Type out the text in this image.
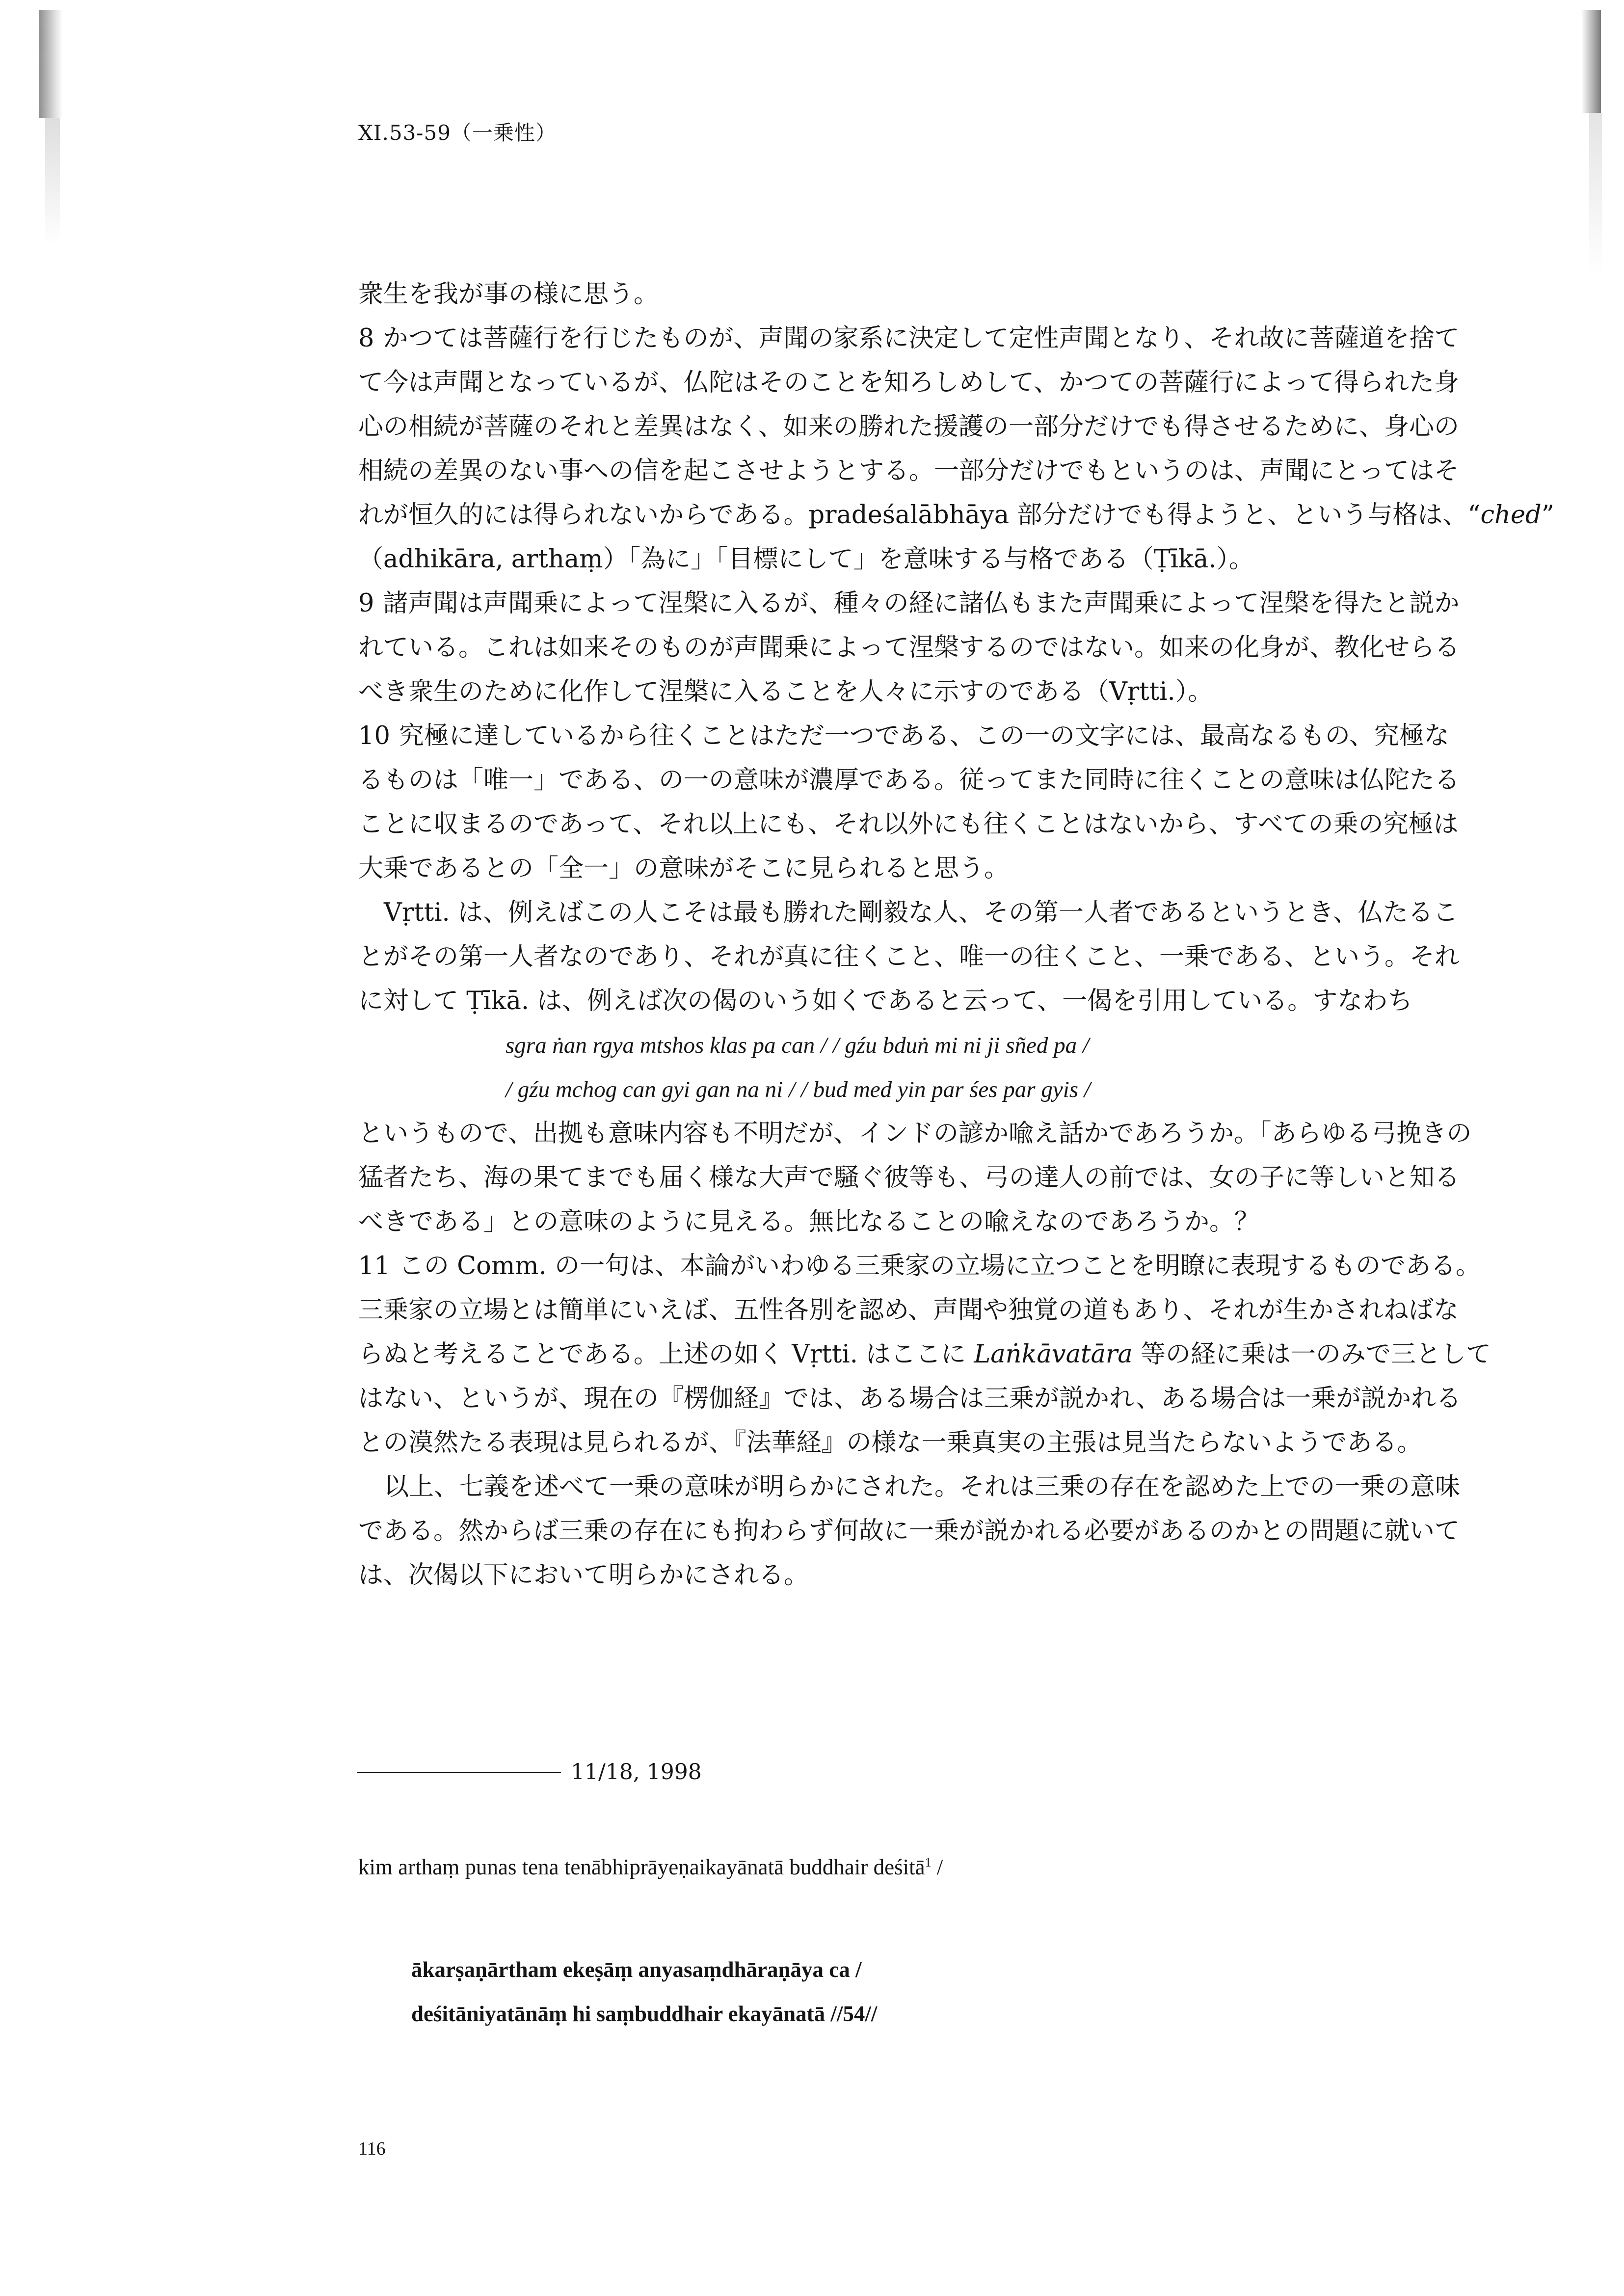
XI.53-59（一乗性）

衆生を我が事の様に思う。

8 かつては菩薩行を行じたものが、声聞の家系に決定して定性声聞となり、それ故に菩薩道を捨て

て今は声聞となっているが、仏陀はそのことを知ろしめして、かつての菩薩行によって得られた身

心の相続が菩薩のそれと差異はなく、如来の勝れた援護の一部分だけでも得させるために、身心の

相続の差異のない事への信を起こさせようとする。一部分だけでもというのは、声聞にとってはそ

れが恒久的には得られないからである。pradeśalābhāya 部分だけでも得ようと、という与格は、“ched”

（adhikāra, arthaṃ）「為に」「目標にして」を意味する与格である（Ṭīkā.）。

9 諸声聞は声聞乗によって涅槃に入るが、種々の経に諸仏もまた声聞乗によって涅槃を得たと説か

れている。これは如来そのものが声聞乗によって涅槃するのではない。如来の化身が、教化せらる

べき衆生のために化作して涅槃に入ることを人々に示すのである（Vṛtti.）。

10 究極に達しているから往くことはただ一つである、この一の文字には、最高なるもの、究極な

るものは「唯一」である、の一の意味が濃厚である。従ってまた同時に往くことの意味は仏陀たる

ことに収まるのであって、それ以上にも、それ以外にも往くことはないから、すべての乗の究極は

大乗であるとの「全一」の意味がそこに見られると思う。

Vṛtti. は、例えばこの人こそは最も勝れた剛毅な人、その第一人者であるというとき、仏たるこ

とがその第一人者なのであり、それが真に往くこと、唯一の往くこと、一乗である、という。それ

に対して Ṭīkā. は、例えば次の偈のいう如くであると云って、一偈を引用している。すなわち

sgra ṅan rgya mtshos klas pa can / / gźu bduṅ mi ni ji sñed pa /

/ gźu mchog can gyi gan na ni / / bud med yin par śes par gyis /

というもので、出拠も意味内容も不明だが、インドの諺か喩え話かであろうか。「あらゆる弓挽きの

猛者たち、海の果てまでも届く様な大声で騒ぐ彼等も、弓の達人の前では、女の子に等しいと知る

べきである」との意味のように見える。無比なることの喩えなのであろうか。？

11 この Comm. の一句は、本論がいわゆる三乗家の立場に立つことを明瞭に表現するものである。

三乗家の立場とは簡単にいえば、五性各別を認め、声聞や独覚の道もあり、それが生かされねばな

らぬと考えることである。上述の如く Vṛtti. はここに Laṅkāvatāra 等の経に乗は一のみで三として

はない、というが、現在の『楞伽経』では、ある場合は三乗が説かれ、ある場合は一乗が説かれる

との漠然たる表現は見られるが、『法華経』の様な一乗真実の主張は見当たらないようである。

以上、七義を述べて一乗の意味が明らかにされた。それは三乗の存在を認めた上での一乗の意味

である。然からば三乗の存在にも拘わらず何故に一乗が説かれる必要があるのかとの問題に就いて

は、次偈以下において明らかにされる。

11/18, 1998
kim arthaṃ punas tena tenābhiprāyeṇaikayānatā buddhair deśitā$^1$ /
ākarṣaṇārtham ekeṣāṃ anyasaṃdhāraṇāya ca /
deśitāniyatānāṃ hi saṃbuddhair ekayānatā //54//
116
